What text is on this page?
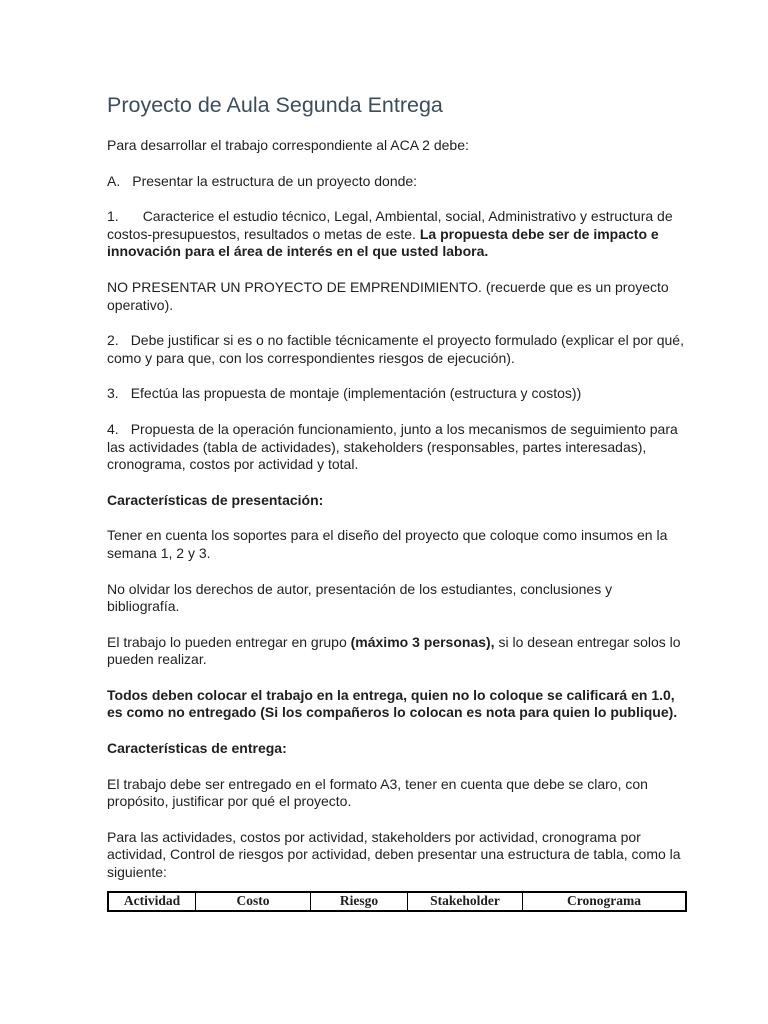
Proyecto de Aula Segunda Entrega

Para desarrollar el trabajo correspondiente al ACA 2 debe:

A. Presentar la estructura de un proyecto donde:

1. Caracterice el estudio técnico, Legal, Ambiental, social, Administrativo y estructura de costos-presupuestos, resultados o metas de este. La propuesta debe ser de impacto e innovación para el área de interés en el que usted labora.

NO PRESENTAR UN PROYECTO DE EMPRENDIMIENTO. (recuerde que es un proyecto operativo).

2. Debe justificar si es o no factible técnicamente el proyecto formulado (explicar el por qué, como y para que, con los correspondientes riesgos de ejecución).

3. Efectúa las propuesta de montaje (implementación (estructura y costos))

4. Propuesta de la operación funcionamiento, junto a los mecanismos de seguimiento para las actividades (tabla de actividades), stakeholders (responsables, partes interesadas), cronograma, costos por actividad y total.

Características de presentación:

Tener en cuenta los soportes para el diseño del proyecto que coloque como insumos en la semana 1, 2 y 3.

No olvidar los derechos de autor, presentación de los estudiantes, conclusiones y bibliografía.

El trabajo lo pueden entregar en grupo (máximo 3 personas), si lo desean entregar solos lo pueden realizar.

Todos deben colocar el trabajo en la entrega, quien no lo coloque se calificará en 1.0, es como no entregado (Si los compañeros lo colocan es nota para quien lo publique).

Características de entrega:

El trabajo debe ser entregado en el formato A3, tener en cuenta que debe se claro, con propósito, justificar por qué el proyecto.

Para las actividades, costos por actividad, stakeholders por actividad, cronograma por actividad, Control de riesgos por actividad, deben presentar una estructura de tabla, como la siguiente:

Actividad	Costo	Riesgo	Stakeholder	Cronograma
